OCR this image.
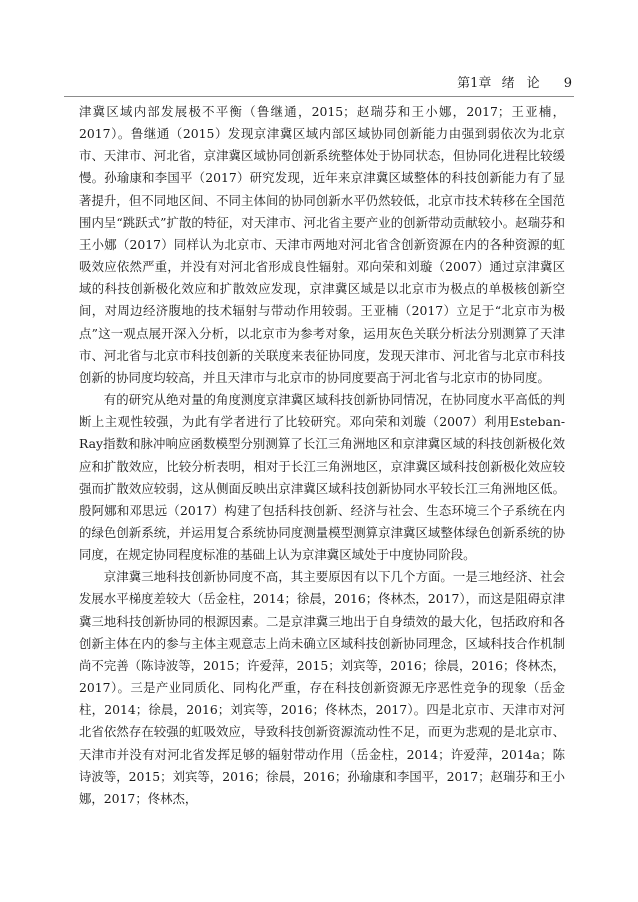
第1章 绪论 9

津冀区域内部发展极不平衡（鲁继通，2015；赵瑞芬和王小娜，2017；王亚楠，2017）。鲁继通（2015）发现京津冀区域内部区域协同创新能力由强到弱依次为北京市、天津市、河北省，京津冀区域协同创新系统整体处于协同状态，但协同化进程比较缓慢。孙瑜康和李国平（2017）研究发现，近年来京津冀区域整体的科技创新能力有了显著提升，但不同地区间、不同主体间的协同创新水平仍然较低，北京市技术转移在全国范围内呈“跳跃式”扩散的特征，对天津市、河北省主要产业的创新带动贡献较小。赵瑞芬和王小娜（2017）同样认为北京市、天津市两地对河北省含创新资源在内的各种资源的虹吸效应依然严重，并没有对河北省形成良性辐射。邓向荣和刘璇（2007）通过京津冀区域的科技创新极化效应和扩散效应发现，京津冀区域是以北京市为极点的单极核创新空间，对周边经济腹地的技术辐射与带动作用较弱。王亚楠（2017）立足于“北京市为极点”这一观点展开深入分析，以北京市为参考对象，运用灰色关联分析法分别测算了天津市、河北省与北京市科技创新的关联度来表征协同度，发现天津市、河北省与北京市科技创新的协同度均较高，并且天津市与北京市的协同度要高于河北省与北京市的协同度。

有的研究从绝对量的角度测度京津冀区域科技创新协同情况，在协同度水平高低的判断上主观性较强，为此有学者进行了比较研究。邓向荣和刘璇（2007）利用Esteban-Ray指数和脉冲响应函数模型分别测算了长江三角洲地区和京津冀区域的科技创新极化效应和扩散效应，比较分析表明，相对于长江三角洲地区，京津冀区域科技创新极化效应较强而扩散效应较弱，这从侧面反映出京津冀区域科技创新协同水平较长江三角洲地区低。殷阿娜和邓思远（2017）构建了包括科技创新、经济与社会、生态环境三个子系统在内的绿色创新系统，并运用复合系统协同度测量模型测算京津冀区域整体绿色创新系统的协同度，在规定协同程度标准的基础上认为京津冀区域处于中度协同阶段。

京津冀三地科技创新协同度不高，其主要原因有以下几个方面。一是三地经济、社会发展水平梯度差较大（岳金柱，2014；徐晨，2016；佟林杰，2017），而这是阻碍京津冀三地科技创新协同的根源因素。二是京津冀三地出于自身绩效的最大化，包括政府和各创新主体在内的参与主体主观意志上尚未确立区域科技创新协同理念，区域科技合作机制尚不完善（陈诗波等，2015；许爱萍，2015；刘宾等，2016；徐晨，2016；佟林杰，2017）。三是产业同质化、同构化严重，存在科技创新资源无序恶性竞争的现象（岳金柱，2014；徐晨，2016；刘宾等，2016；佟林杰，2017）。四是北京市、天津市对河北省依然存在较强的虹吸效应，导致科技创新资源流动性不足，而更为悲观的是北京市、天津市并没有对河北省发挥足够的辐射带动作用（岳金柱，2014；许爱萍，2014a；陈诗波等，2015；刘宾等，2016；徐晨，2016；孙瑜康和李国平，2017；赵瑞芬和王小娜，2017；佟林杰，
